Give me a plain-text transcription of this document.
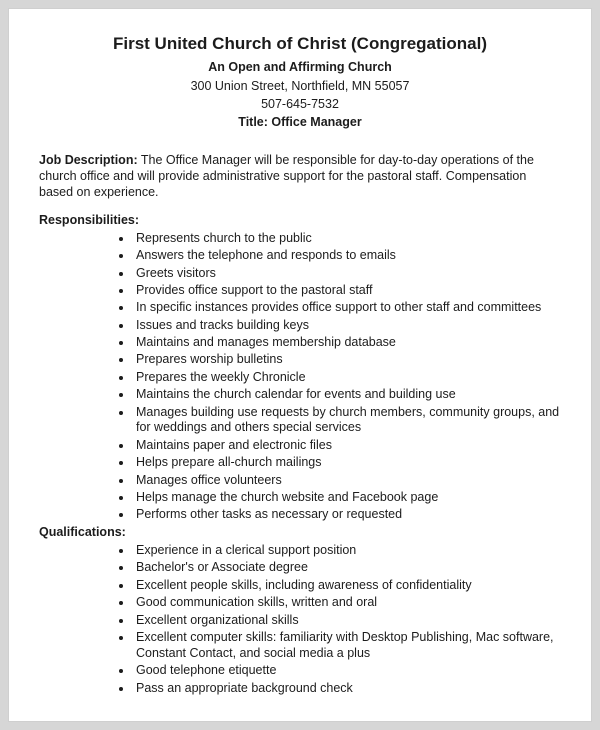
First United Church of Christ (Congregational)
An Open and Affirming Church
300 Union Street, Northfield, MN 55057
507-645-7532
Title: Office Manager

Job Description: The Office Manager will be responsible for day-to-day operations of the church office and will provide administrative support for the pastoral staff. Compensation based on experience.

Responsibilities:
• Represents church to the public
• Answers the telephone and responds to emails
• Greets visitors
• Provides office support to the pastoral staff
• In specific instances provides office support to other staff and committees
• Issues and tracks building keys
• Maintains and manages membership database
• Prepares worship bulletins
• Prepares the weekly Chronicle
• Maintains the church calendar for events and building use
• Manages building use requests by church members, community groups, and for weddings and others special services
• Maintains paper and electronic files
• Helps prepare all-church mailings
• Manages office volunteers
• Helps manage the church website and Facebook page
• Performs other tasks as necessary or requested
Qualifications:
• Experience in a clerical support position
• Bachelor's or Associate degree
• Excellent people skills, including awareness of confidentiality
• Good communication skills, written and oral
• Excellent organizational skills
• Excellent computer skills: familiarity with Desktop Publishing, Mac software, Constant Contact, and social media a plus
• Good telephone etiquette
• Pass an appropriate background check
